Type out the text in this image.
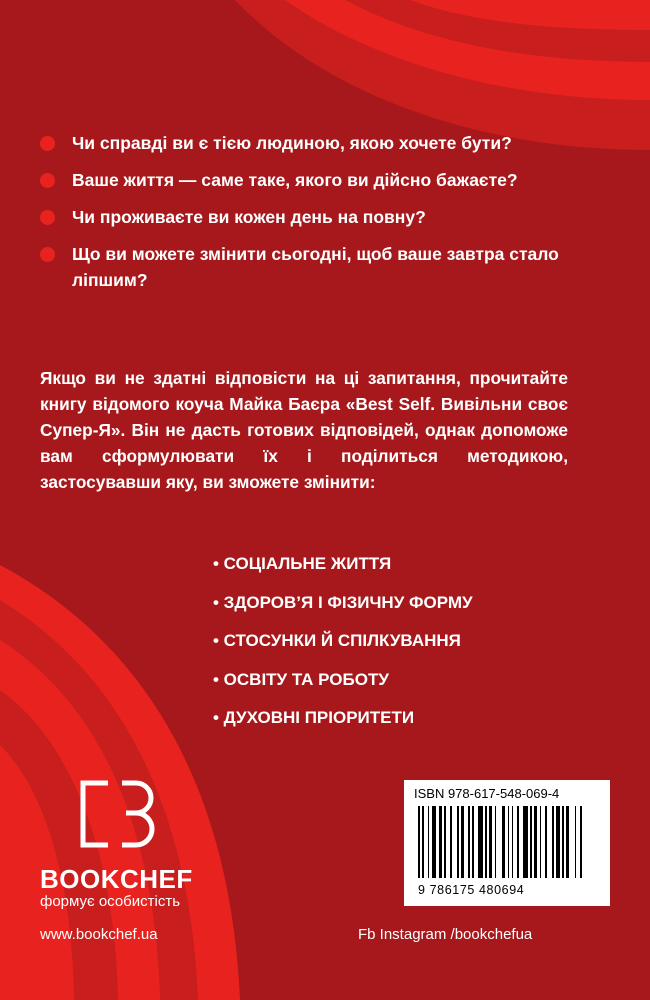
Чи справді ви є тією людиною, якою хочете бути?
Ваше життя — саме таке, якого ви дійсно бажаєте?
Чи проживаєте ви кожен день на повну?
Що ви можете змінити сьогодні, щоб ваше завтра стало ліпшим?

Якщо ви не здатні відповісти на ці запитання, прочитайте книгу відомого коуча Майка Баєра «Best Self. Вивільни своє Супер-Я». Він не дасть готових відповідей, однак допоможе вам сформулювати їх і поділиться методикою, застосувавши яку, ви зможете змінити:

• СОЦІАЛЬНЕ ЖИТТЯ
• ЗДОРОВ’Я І ФІЗИЧНУ ФОРМУ
• СТОСУНКИ Й СПІЛКУВАННЯ
• ОСВІТУ ТА РОБОТУ
• ДУХОВНІ ПРІОРИТЕТИ
BOOKCHEF
формує особистість
www.bookchef.ua	Fb Instagram /bookchefua
ISBN 978-617-548-069-4
9 786175 480694
